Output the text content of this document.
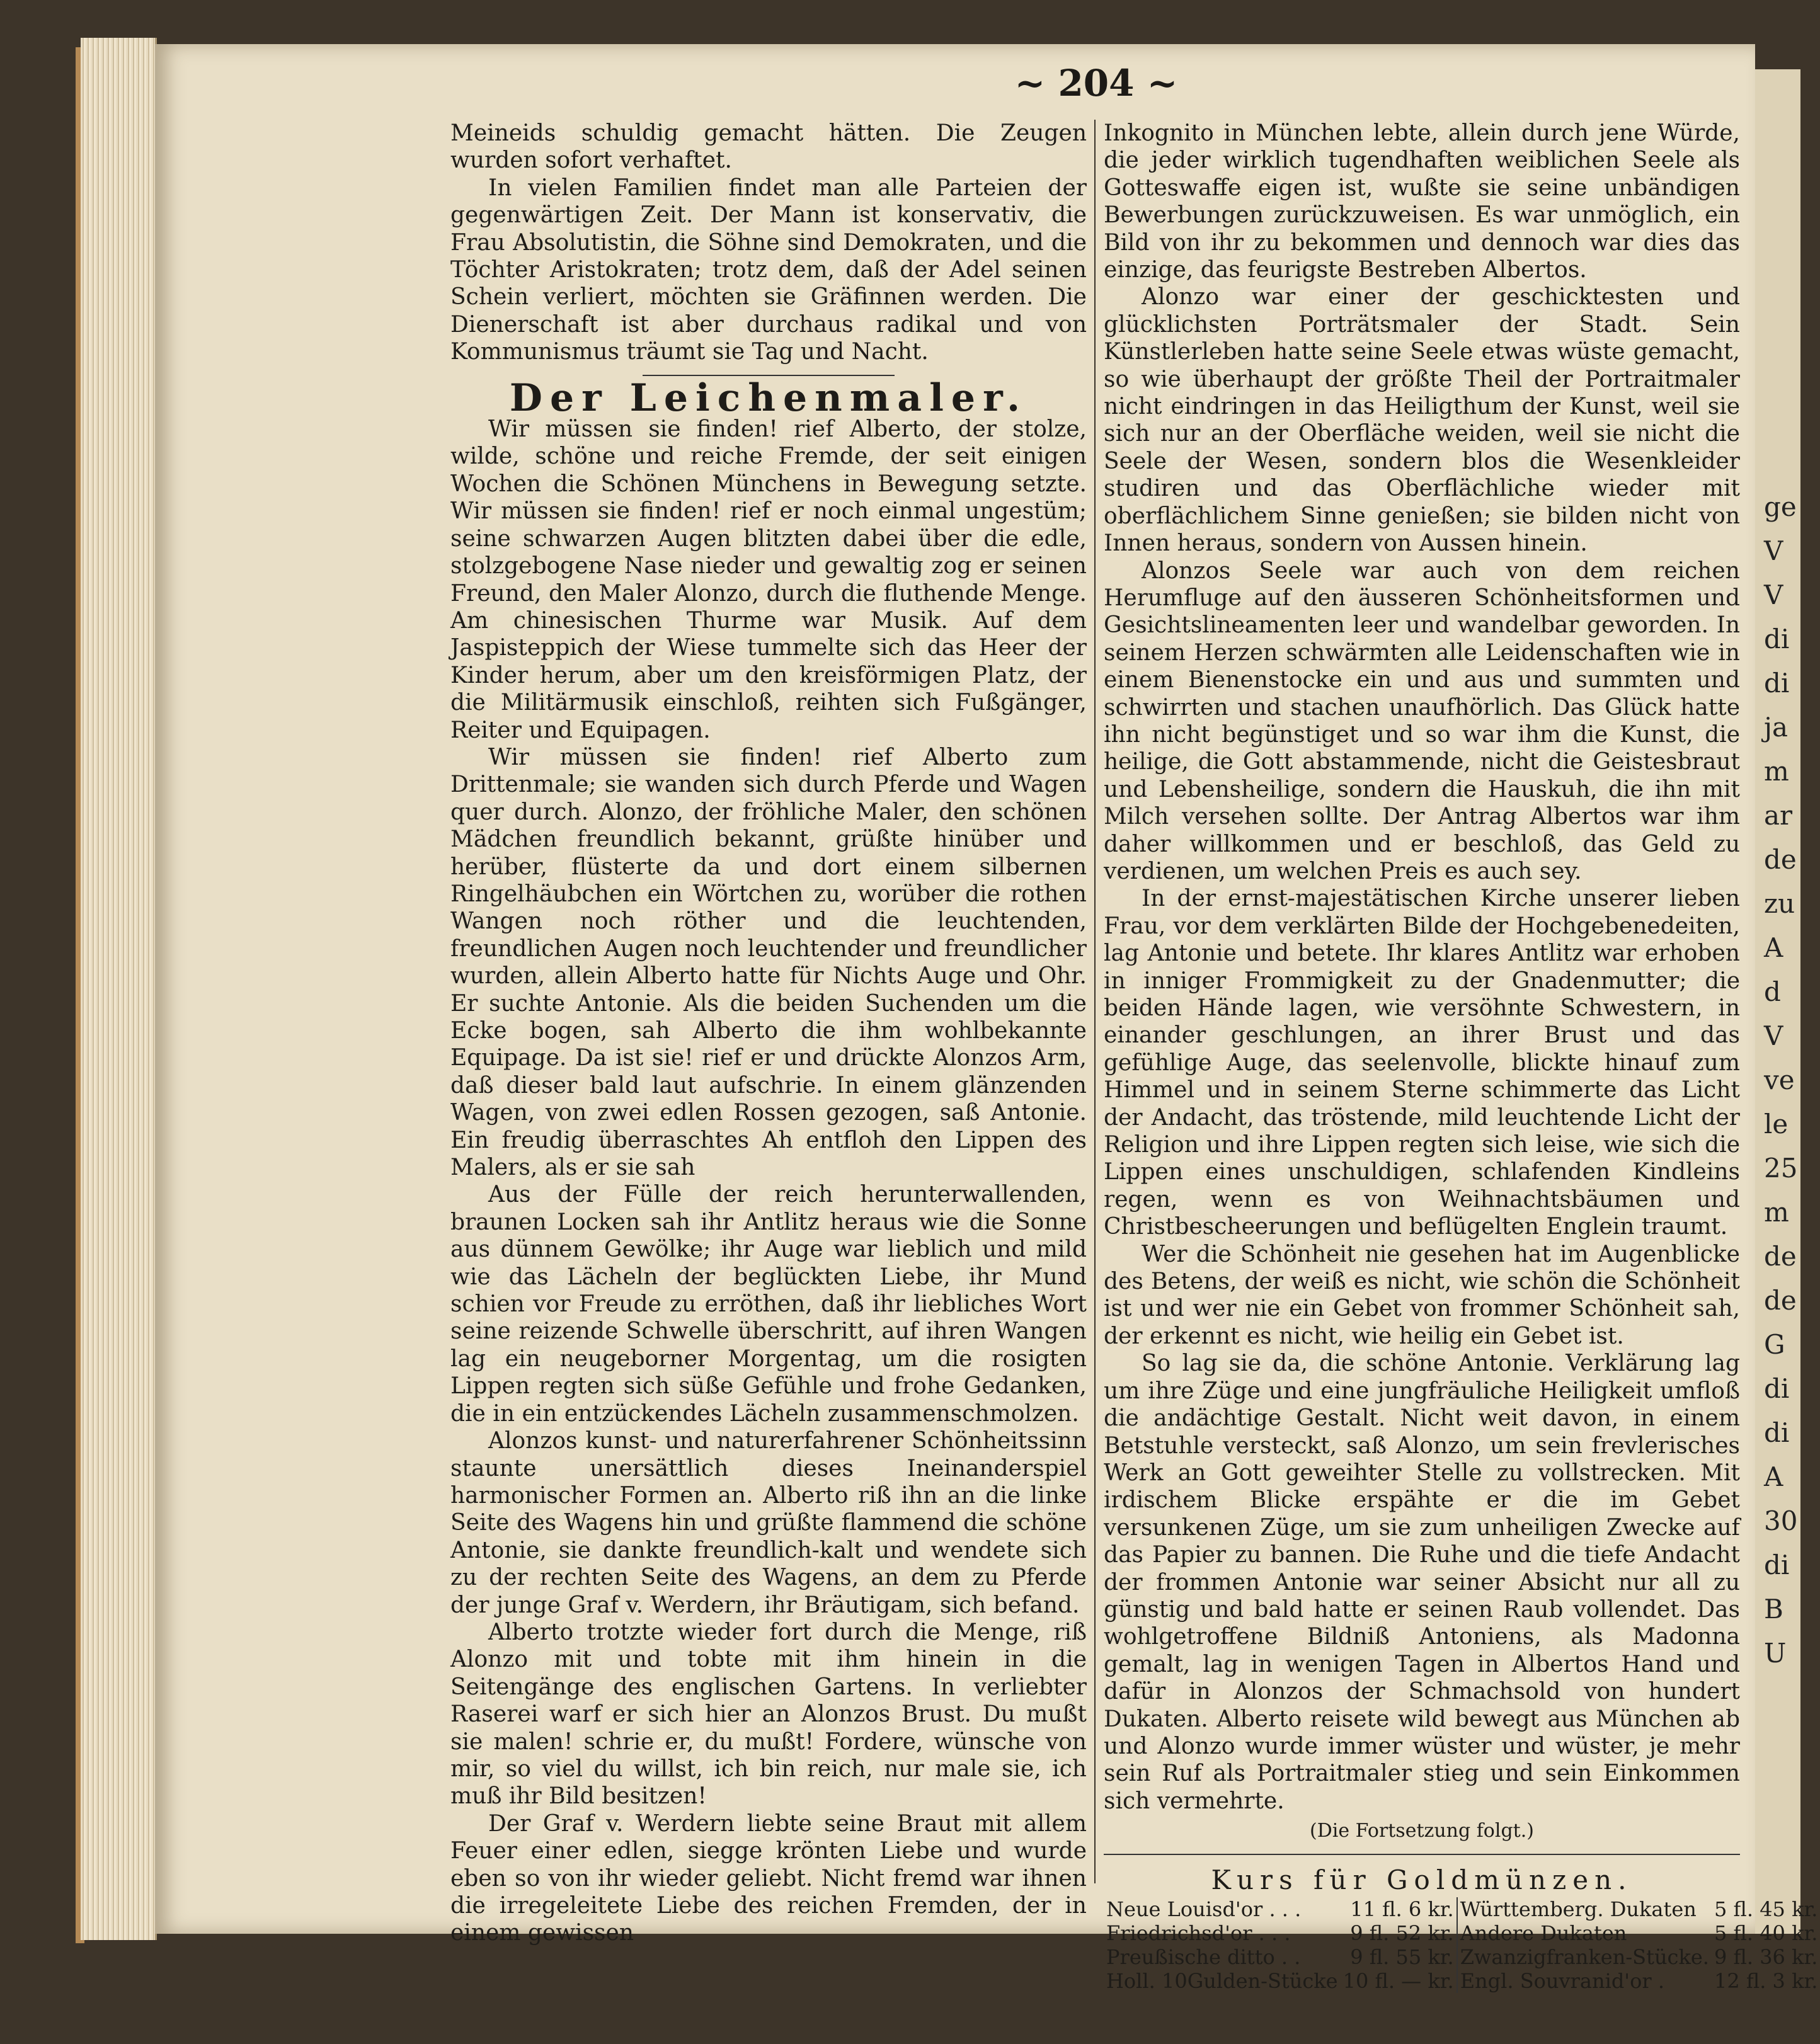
ge
V
V
di
di
ja
m
ar
de
zu
A
d
V
ve
le
25
m
de
de
G
di
di
A
30
di
B
U
~ 204 ~

Meineids schuldig gemacht hätten. Die Zeugen wurden sofort verhaftet.

In vielen Familien findet man alle Parteien der gegenwärtigen Zeit. Der Mann ist konservativ, die Frau Absolutistin, die Söhne sind Demokraten, und die Töchter Aristokraten; trotz dem, daß der Adel seinen Schein verliert, möchten sie Gräfinnen werden. Die Dienerschaft ist aber durchaus radikal und von Kommunismus träumt sie Tag und Nacht.

Der Leichenmaler.

Wir müssen sie finden! rief Alberto, der stolze, wilde, schöne und reiche Fremde, der seit einigen Wochen die Schönen Münchens in Bewegung setzte. Wir müssen sie finden! rief er noch einmal ungestüm; seine schwarzen Augen blitzten dabei über die edle, stolzgebogene Nase nieder und gewaltig zog er seinen Freund, den Maler Alonzo, durch die fluthende Menge. Am chinesischen Thurme war Musik. Auf dem Jaspisteppich der Wiese tummelte sich das Heer der Kinder herum, aber um den kreisförmigen Platz, der die Militärmusik einschloß, reihten sich Fußgänger, Reiter und Equipagen.

Wir müssen sie finden! rief Alberto zum Drittenmale; sie wanden sich durch Pferde und Wagen quer durch. Alonzo, der fröhliche Maler, den schönen Mädchen freundlich bekannt, grüßte hinüber und herüber, flüsterte da und dort einem silbernen Ringelhäubchen ein Wörtchen zu, worüber die rothen Wangen noch röther und die leuchtenden, freundlichen Augen noch leuchtender und freundlicher wurden, allein Alberto hatte für Nichts Auge und Ohr. Er suchte Antonie. Als die beiden Suchenden um die Ecke bogen, sah Alberto die ihm wohlbekannte Equipage. Da ist sie! rief er und drückte Alonzos Arm, daß dieser bald laut aufschrie. In einem glänzenden Wagen, von zwei edlen Rossen gezogen, saß Antonie. Ein freudig überraschtes Ah entfloh den Lippen des Malers, als er sie sah

Aus der Fülle der reich herunterwallenden, braunen Locken sah ihr Antlitz heraus wie die Sonne aus dünnem Gewölke; ihr Auge war lieblich und mild wie das Lächeln der beglückten Liebe, ihr Mund schien vor Freude zu erröthen, daß ihr liebliches Wort seine reizende Schwelle überschritt, auf ihren Wangen lag ein neugeborner Morgentag, um die rosigten Lippen regten sich süße Gefühle und frohe Gedanken, die in ein entzückendes Lächeln zusammenschmolzen.

Alonzos kunst- und naturerfahrener Schönheitssinn staunte unersättlich dieses Ineinanderspiel harmonischer Formen an. Alberto riß ihn an die linke Seite des Wagens hin und grüßte flammend die schöne Antonie, sie dankte freundlich-kalt und wendete sich zu der rechten Seite des Wagens, an dem zu Pferde der junge Graf v. Werdern, ihr Bräutigam, sich befand.

Alberto trotzte wieder fort durch die Menge, riß Alonzo mit und tobte mit ihm hinein in die Seitengänge des englischen Gartens. In verliebter Raserei warf er sich hier an Alonzos Brust. Du mußt sie malen! schrie er, du mußt! Fordere, wünsche von mir, so viel du willst, ich bin reich, nur male sie, ich muß ihr Bild besitzen!

Der Graf v. Werdern liebte seine Braut mit allem Feuer einer edlen, siegge krönten Liebe und wurde eben so von ihr wieder geliebt. Nicht fremd war ihnen die irregeleitete Liebe des reichen Fremden, der in einem gewissen

Inkognito in München lebte, allein durch jene Würde, die jeder wirklich tugendhaften weiblichen Seele als Gotteswaffe eigen ist, wußte sie seine unbändigen Bewerbungen zurückzuweisen. Es war unmöglich, ein Bild von ihr zu bekommen und dennoch war dies das einzige, das feurigste Bestreben Albertos.

Alonzo war einer der geschicktesten und glücklichsten Porträtsmaler der Stadt. Sein Künstlerleben hatte seine Seele etwas wüste gemacht, so wie überhaupt der größte Theil der Portraitmaler nicht eindringen in das Heiligthum der Kunst, weil sie sich nur an der Oberfläche weiden, weil sie nicht die Seele der Wesen, sondern blos die Wesenkleider studiren und das Oberflächliche wieder mit oberflächlichem Sinne genießen; sie bilden nicht von Innen heraus, sondern von Aussen hinein.

Alonzos Seele war auch von dem reichen Herumfluge auf den äusseren Schönheitsformen und Gesichtslineamenten leer und wandelbar geworden. In seinem Herzen schwärmten alle Leidenschaften wie in einem Bienenstocke ein und aus und summten und schwirrten und stachen unaufhörlich. Das Glück hatte ihn nicht begünstiget und so war ihm die Kunst, die heilige, die Gott abstammende, nicht die Geistesbraut und Lebensheilige, sondern die Hauskuh, die ihn mit Milch versehen sollte. Der Antrag Albertos war ihm daher willkommen und er beschloß, das Geld zu verdienen, um welchen Preis es auch sey.

In der ernst-majestätischen Kirche unserer lieben Frau, vor dem verklärten Bilde der Hochgebenedeiten, lag Antonie und betete. Ihr klares Antlitz war erhoben in inniger Frommigkeit zu der Gnadenmutter; die beiden Hände lagen, wie versöhnte Schwestern, in einander geschlungen, an ihrer Brust und das gefühlige Auge, das seelenvolle, blickte hinauf zum Himmel und in seinem Sterne schimmerte das Licht der Andacht, das tröstende, mild leuchtende Licht der Religion und ihre Lippen regten sich leise, wie sich die Lippen eines unschuldigen, schlafenden Kindleins regen, wenn es von Weihnachtsbäumen und Christbescheerungen und beflügelten Englein traumt.

Wer die Schönheit nie gesehen hat im Augenblicke des Betens, der weiß es nicht, wie schön die Schönheit ist und wer nie ein Gebet von frommer Schönheit sah, der erkennt es nicht, wie heilig ein Gebet ist.

So lag sie da, die schöne Antonie. Verklärung lag um ihre Züge und eine jungfräuliche Heiligkeit umfloß die andächtige Gestalt. Nicht weit davon, in einem Betstuhle versteckt, saß Alonzo, um sein frevlerisches Werk an Gott geweihter Stelle zu vollstrecken. Mit irdischem Blicke erspähte er die im Gebet versunkenen Züge, um sie zum unheiligen Zwecke auf das Papier zu bannen. Die Ruhe und die tiefe Andacht der frommen Antonie war seiner Absicht nur all zu günstig und bald hatte er seinen Raub vollendet. Das wohlgetroffene Bildniß Antoniens, als Madonna gemalt, lag in wenigen Tagen in Albertos Hand und dafür in Alonzos der Schmachsold von hundert Dukaten. Alberto reisete wild bewegt aus München ab und Alonzo wurde immer wüster und wüster, je mehr sein Ruf als Portraitmaler stieg und sein Einkommen sich vermehrte.

(Die Fortsetzung folgt.)
Kurs für Goldmünzen.
Neue Louisd'or . . .	11 fl. 6 kr.	Württemberg. Dukaten	5 fl. 45 kr.
Friedrichsd'or . . .	9 fl. 52 kr.	Andere Dukaten	5 fl. 40 kr.
Preußische ditto . .	9 fl. 55 kr.	Zwanzigfranken-Stücke.	9 fl. 36 kr.
Holl. 10Gulden-Stücke	10 fl. — kr.	Engl. Souvranid'or .	12 fl. 3 kr.
